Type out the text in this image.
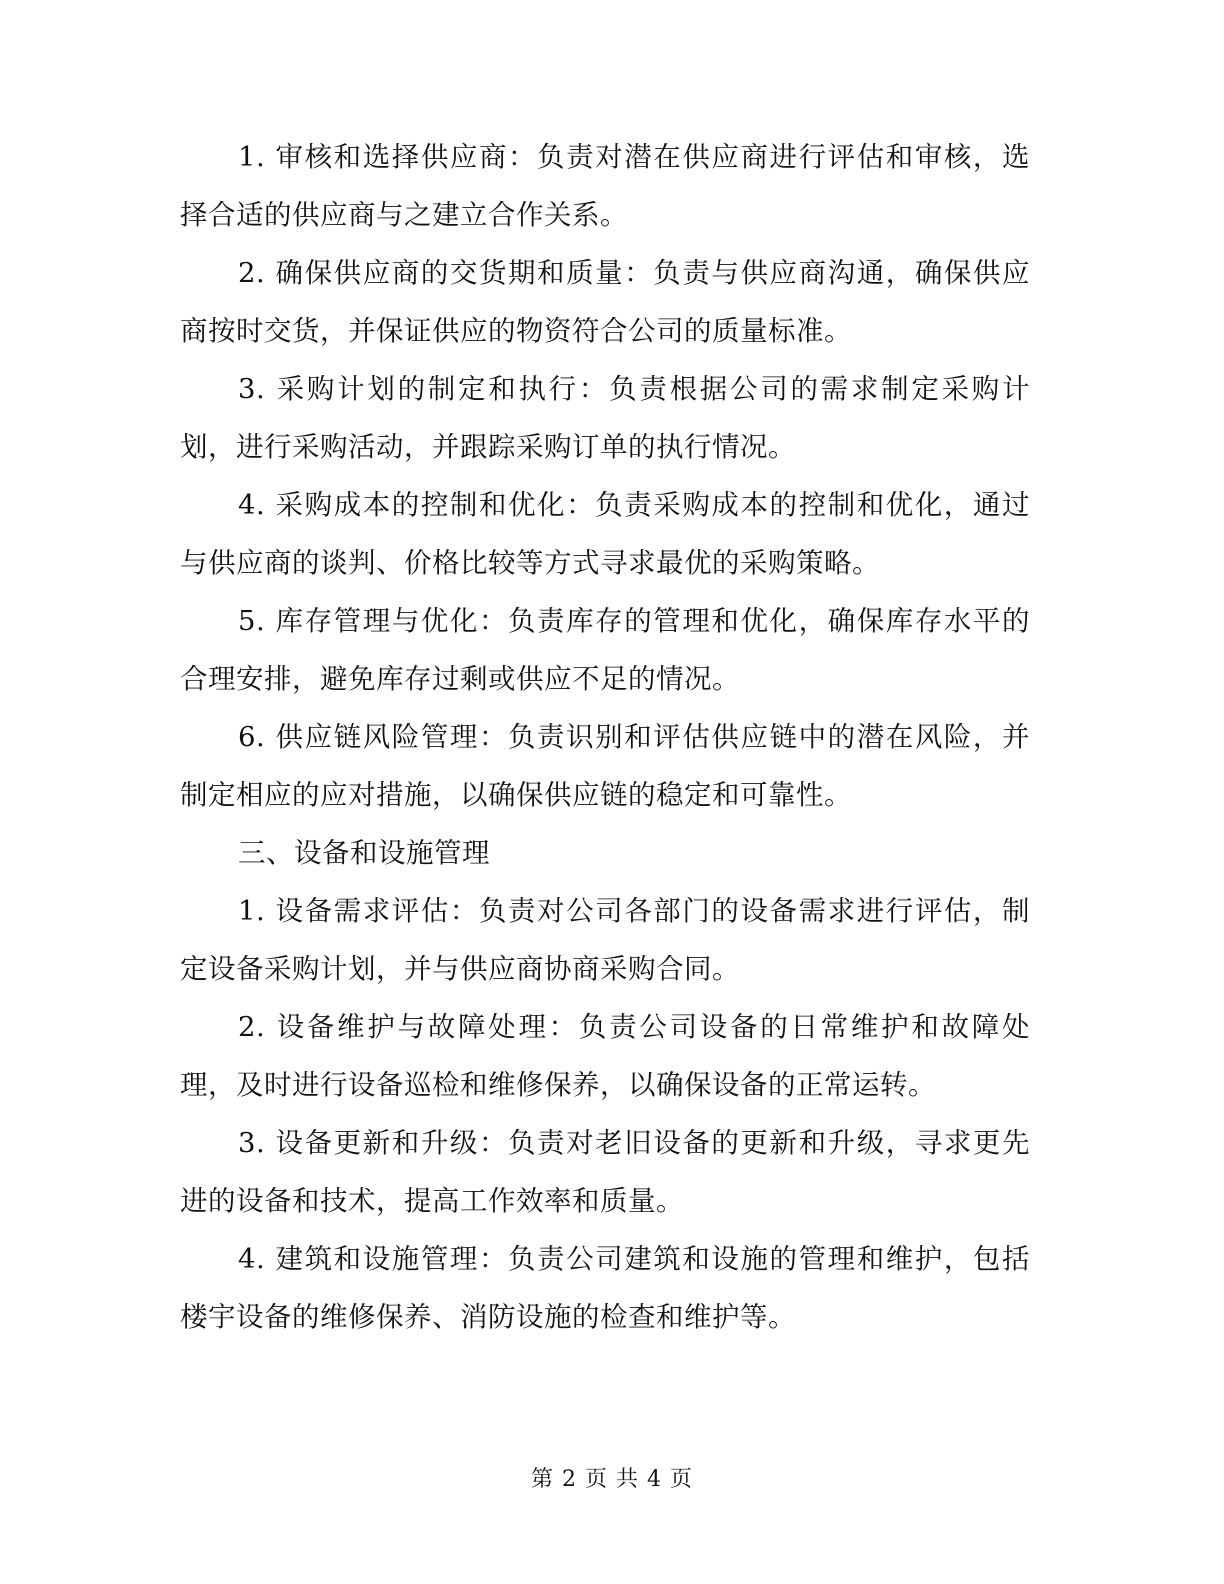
1. 审核和选择供应商：负责对潜在供应商进行评估和审核，选择合适的供应商与之建立合作关系。

2. 确保供应商的交货期和质量：负责与供应商沟通，确保供应商按时交货，并保证供应的物资符合公司的质量标准。

3. 采购计划的制定和执行：负责根据公司的需求制定采购计划，进行采购活动，并跟踪采购订单的执行情况。

4. 采购成本的控制和优化：负责采购成本的控制和优化，通过与供应商的谈判、价格比较等方式寻求最优的采购策略。

5. 库存管理与优化：负责库存的管理和优化，确保库存水平的合理安排，避免库存过剩或供应不足的情况。

6. 供应链风险管理：负责识别和评估供应链中的潜在风险，并制定相应的应对措施，以确保供应链的稳定和可靠性。

三、设备和设施管理

1. 设备需求评估：负责对公司各部门的设备需求进行评估，制定设备采购计划，并与供应商协商采购合同。

2. 设备维护与故障处理：负责公司设备的日常维护和故障处理，及时进行设备巡检和维修保养，以确保设备的正常运转。

3. 设备更新和升级：负责对老旧设备的更新和升级，寻求更先进的设备和技术，提高工作效率和质量。

4. 建筑和设施管理：负责公司建筑和设施的管理和维护，包括楼宇设备的维修保养、消防设施的检查和维护等。

第 2 页 共 4 页
